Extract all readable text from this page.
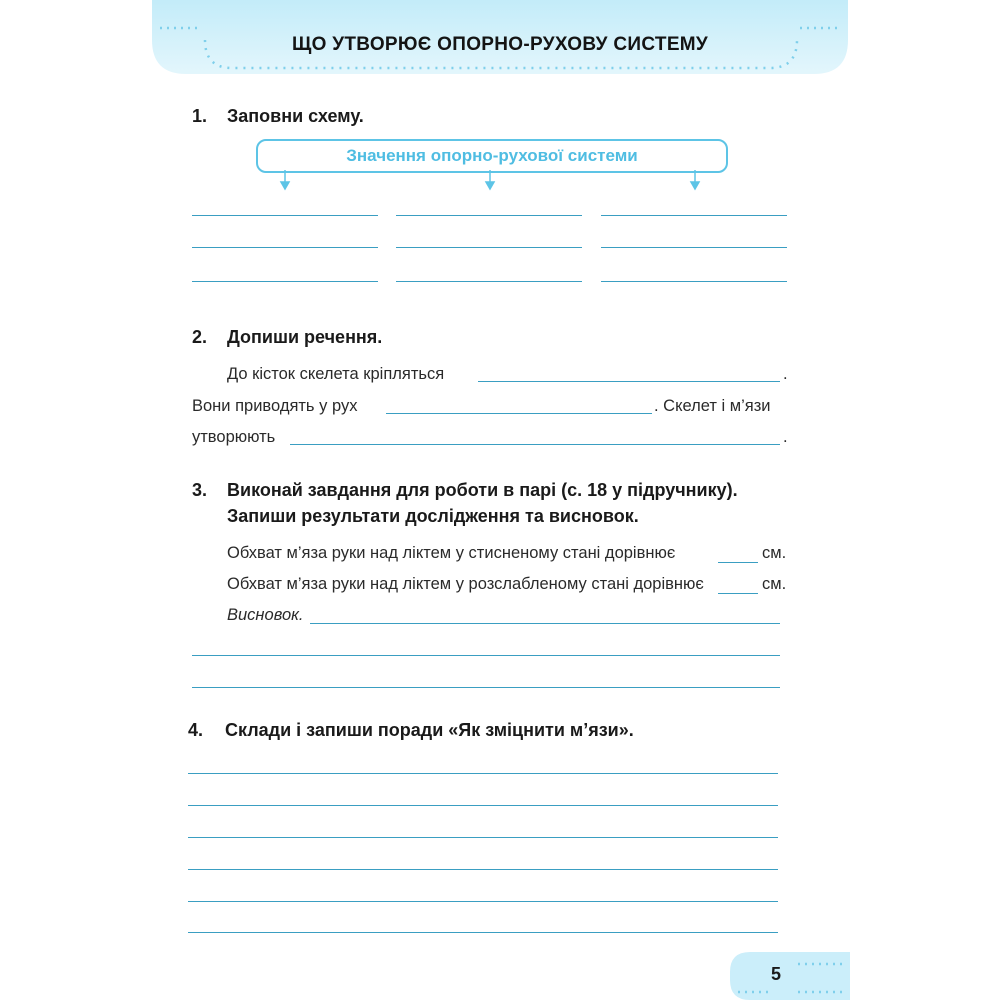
ЩО УТВОРЮЄ ОПОРНО-РУХОВУ СИСТЕМУ
1. Заповни схему.
Значення опорно-рухової системи
2. Допиши речення.
До кісток скелета кріпляться	.
Вони приводять у рух	. Скелет і м’язи
утворюють	.
3. Виконай завдання для роботи в парі (с. 18 у підручнику).
Запиши результати дослідження та висновок.
Обхват м’яза руки над ліктем у стисненому стані дорівнює	см.
Обхват м’яза руки над ліктем у розслабленому стані дорівнює	см.
Висновок.
4. Склади і запиши поради «Як зміцнити м’язи».
5
